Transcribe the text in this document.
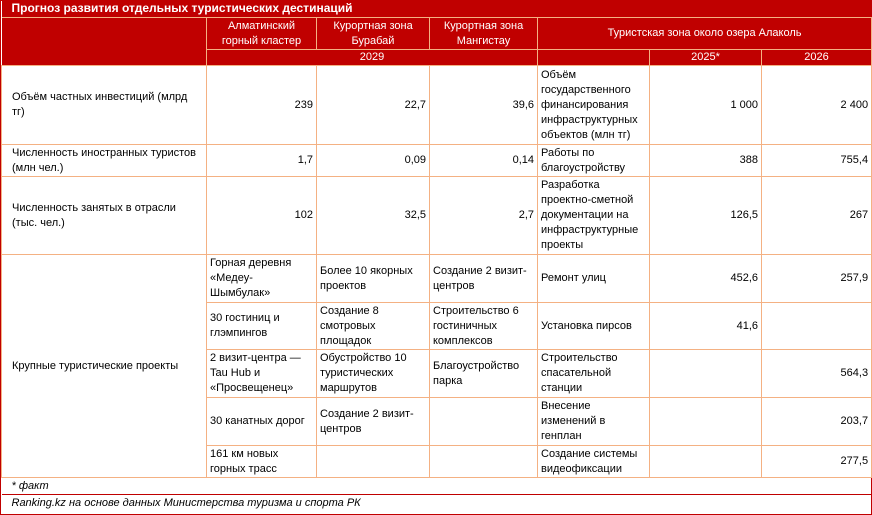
Прогноз развития отдельных туристических дестинаций						
	Алматинский горный кластер	Курортная зона Бурабай	Курортная зона Мангистау	Туристская зона около озера Алаколь		
	2029				2025*	2026
Объём частных инвестиций (млрд тг)	239	22,7	39,6	Объём государственного финансирования инфраструктурных объектов (млн тг)	1 000	2 400
Численность иностранных туристов (млн чел.)	1,7	0,09	0,14	Работы по благоустройству	388	755,4
Численность занятых в отрасли (тыс. чел.)	102	32,5	2,7	Разработка проектно-сметной документации на инфраструктурные проекты	126,5	267
Крупные туристические проекты	Горная деревня «Медеу-Шымбулак»	Более 10 якорных проектов	Создание 2 визит-центров	Ремонт улиц	452,6	257,9
	30 гостиниц и глэмпингов	Создание 8 смотровых площадок	Строительство 6 гостиничных комплексов	Установка пирсов	41,6	
	2 визит-центра — Tau Hub и «Просвещенец»	Обустройство 10 туристических маршрутов	Благоустройство парка	Строительство спасательной станции		564,3
	30 канатных дорог	Создание 2 визит-центров		Внесение изменений в генплан		203,7
	161 км новых горных трасс			Создание системы видеофиксации		277,5
* факт						
Ranking.kz на основе данных Министерства туризма и спорта РК						
